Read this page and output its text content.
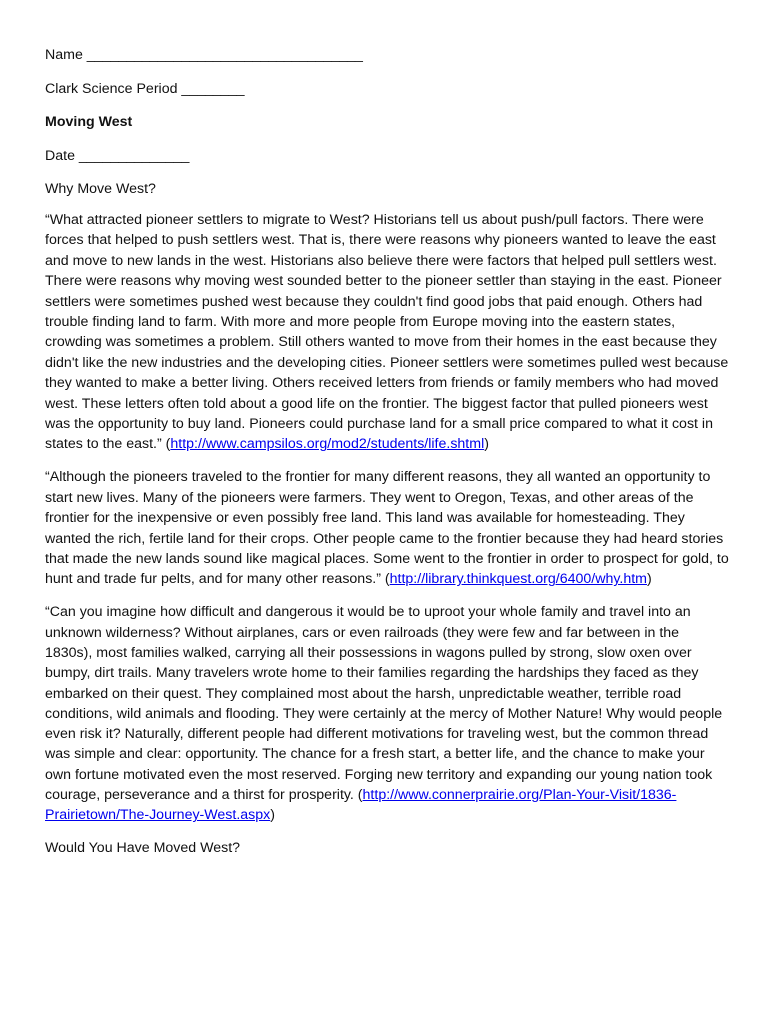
Name ___________________________________
Clark Science Period ________
Moving West
Date ______________
Why Move West?

“What attracted pioneer settlers to migrate to West? Historians tell us about push/pull factors. There were forces that helped to push settlers west. That is, there were reasons why pioneers wanted to leave the east and move to new lands in the west. Historians also believe there were factors that helped pull settlers west. There were reasons why moving west sounded better to the pioneer settler than staying in the east. Pioneer settlers were sometimes pushed west because they couldn't find good jobs that paid enough. Others had trouble finding land to farm. With more and more people from Europe moving into the eastern states, crowding was sometimes a problem. Still others wanted to move from their homes in the east because they didn't like the new industries and the developing cities. Pioneer settlers were sometimes pulled west because they wanted to make a better living. Others received letters from friends or family members who had moved west. These letters often told about a good life on the frontier. The biggest factor that pulled pioneers west was the opportunity to buy land. Pioneers could purchase land for a small price compared to what it cost in states to the east.” (http://www.campsilos.org/mod2/students/life.shtml)

“Although the pioneers traveled to the frontier for many different reasons, they all wanted an opportunity to start new lives. Many of the pioneers were farmers. They went to Oregon, Texas, and other areas of the frontier for the inexpensive or even possibly free land. This land was available for homesteading. They wanted the rich, fertile land for their crops. Other people came to the frontier because they had heard stories that made the new lands sound like magical places. Some went to the frontier in order to prospect for gold, to hunt and trade fur pelts, and for many other reasons.” (http://library.thinkquest.org/6400/why.htm)

“Can you imagine how difficult and dangerous it would be to uproot your whole family and travel into an unknown wilderness? Without airplanes, cars or even railroads (they were few and far between in the 1830s), most families walked, carrying all their possessions in wagons pulled by strong, slow oxen over bumpy, dirt trails. Many travelers wrote home to their families regarding the hardships they faced as they embarked on their quest. They complained most about the harsh, unpredictable weather, terrible road conditions, wild animals and flooding. They were certainly at the mercy of Mother Nature! Why would people even risk it? Naturally, different people had different motivations for traveling west, but the common thread was simple and clear: opportunity. The chance for a fresh start, a better life, and the chance to make your own fortune motivated even the most reserved. Forging new territory and expanding our young nation took courage, perseverance and a thirst for prosperity. (http://www.connerprairie.org/Plan-Your-Visit/1836-Prairietown/The-Journey-West.aspx)

Would You Have Moved West?
